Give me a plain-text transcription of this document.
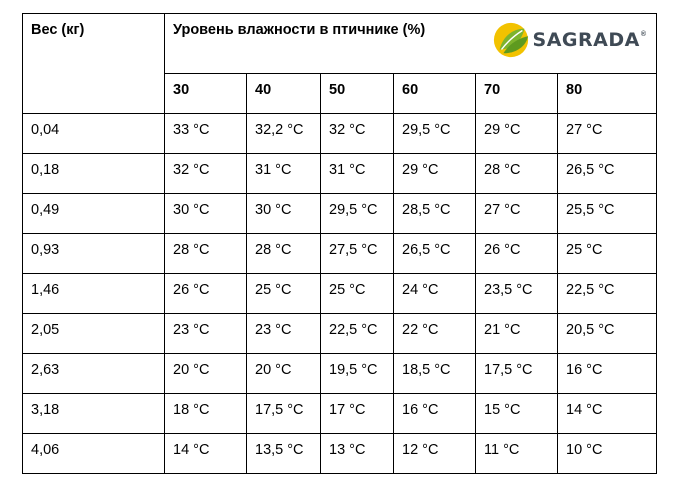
Вес (кг)	Уровень влажности в птичнике (%) SAGRADA ®					

	30	40	50	60	70	80
0,04	33 °C	32,2 °C	32 °C	29,5 °C	29 °C	27 °C
0,18	32 °C	31 °C	31 °C	29 °C	28 °C	26,5 °C
0,49	30 °C	30 °C	29,5 °C	28,5 °C	27 °C	25,5 °C
0,93	28 °C	28 °C	27,5 °C	26,5 °C	26 °C	25 °C
1,46	26 °C	25 °C	25 °C	24 °C	23,5 °C	22,5 °C
2,05	23 °C	23 °C	22,5 °C	22 °C	21 °C	20,5 °C
2,63	20 °C	20 °C	19,5 °C	18,5 °C	17,5 °C	16 °C
3,18	18 °C	17,5 °C	17 °C	16 °C	15 °C	14 °C
4,06	14 °C	13,5 °C	13 °C	12 °C	11 °C	10 °C
